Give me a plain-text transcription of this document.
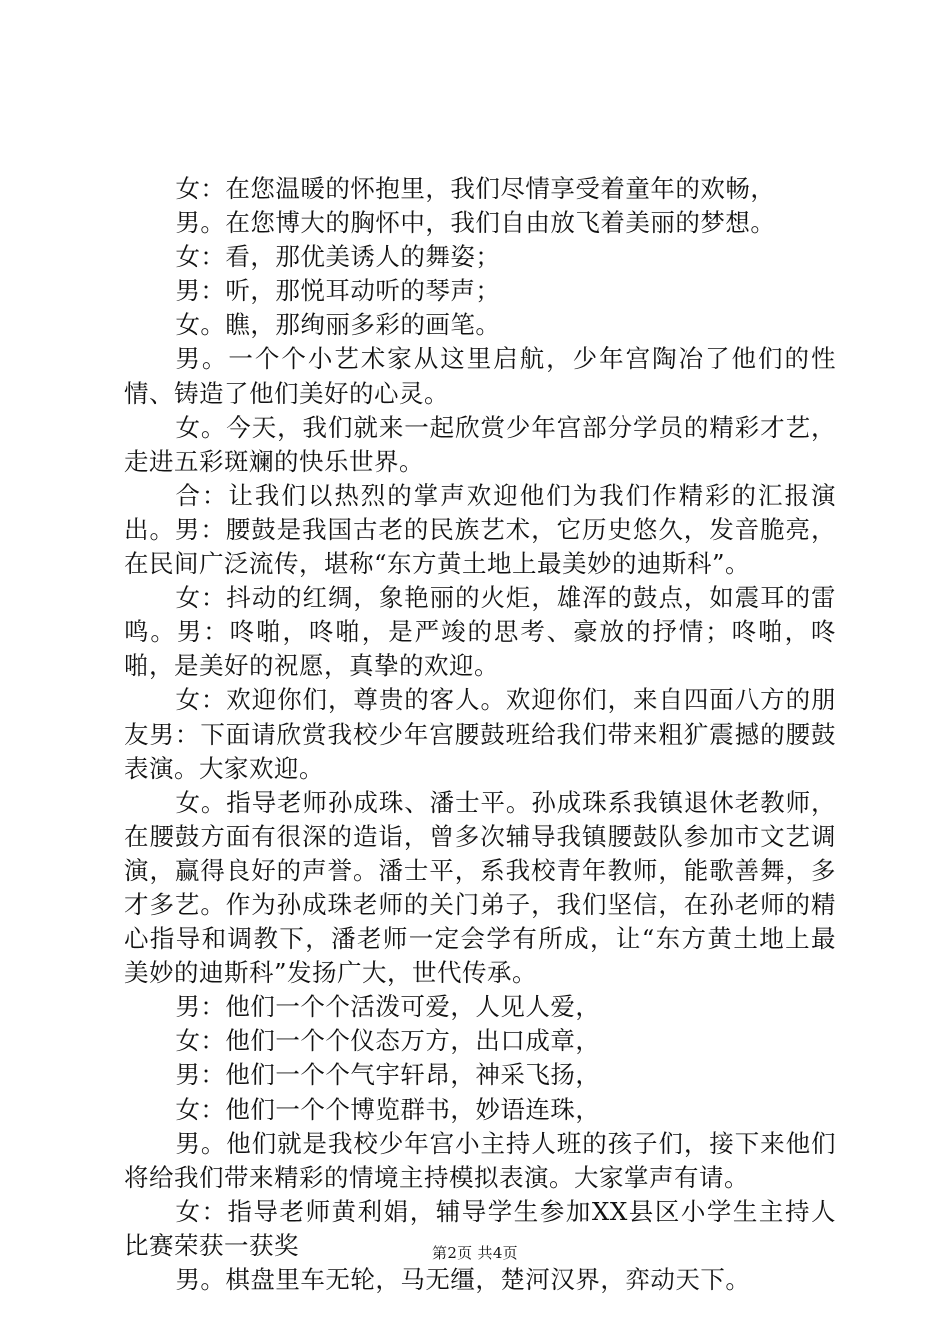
女：在您温暖的怀抱里，我们尽情享受着童年的欢畅，

男。在您博大的胸怀中，我们自由放飞着美丽的梦想。

女：看，那优美诱人的舞姿；

男：听，那悦耳动听的琴声；

女。瞧，那绚丽多彩的画笔。

男。一个个小艺术家从这里启航，少年宫陶冶了他们的性情、铸造了他们美好的心灵。

女。今天，我们就来一起欣赏少年宫部分学员的精彩才艺，走进五彩斑斓的快乐世界。

合：让我们以热烈的掌声欢迎他们为我们作精彩的汇报演出。男：腰鼓是我国古老的民族艺术，它历史悠久，发音脆亮，在民间广泛流传，堪称“东方黄土地上最美妙的迪斯科”。

女：抖动的红绸，象艳丽的火炬，雄浑的鼓点，如震耳的雷鸣。男：咚啪，咚啪，是严竣的思考、豪放的抒情；咚啪，咚啪，是美好的祝愿，真挚的欢迎。

女：欢迎你们，尊贵的客人。欢迎你们，来自四面八方的朋友男：下面请欣赏我校少年宫腰鼓班给我们带来粗犷震撼的腰鼓表演。大家欢迎。

女。指导老师孙成珠、潘士平。孙成珠系我镇退休老教师，在腰鼓方面有很深的造诣，曾多次辅导我镇腰鼓队参加市文艺调演，赢得良好的声誉。潘士平，系我校青年教师，能歌善舞，多才多艺。作为孙成珠老师的关门弟子，我们坚信，在孙老师的精心指导和调教下，潘老师一定会学有所成，让“东方黄土地上最美妙的迪斯科”发扬广大，世代传承。

男：他们一个个活泼可爱，人见人爱，

女：他们一个个仪态万方，出口成章，

男：他们一个个气宇轩昂，神采飞扬，

女：他们一个个博览群书，妙语连珠，

男。他们就是我校少年宫小主持人班的孩子们，接下来他们将给我们带来精彩的情境主持模拟表演。大家掌声有请。

女：指导老师黄利娟，辅导学生参加XX县区小学生主持人比赛荣获一获奖

男。棋盘里车无轮，马无缰，楚河汉界，弈动天下。

第2页 共4页
